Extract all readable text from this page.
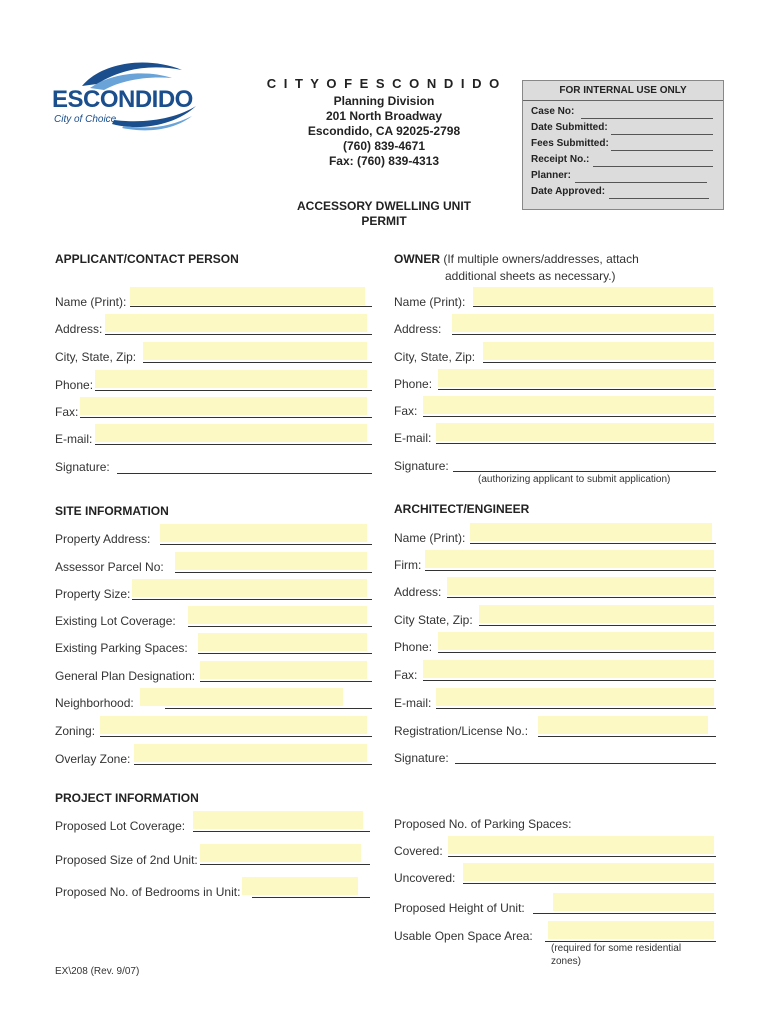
ESCONDIDO
City of Choice
C I T Y O F E S C O N D I D O
Planning Division
201 North Broadway
Escondido, CA 92025-2798
(760) 839-4671
Fax: (760) 839-4313
ACCESSORY DWELLING UNIT
PERMIT
FOR INTERNAL USE ONLY
Case No:
Date Submitted:
Fees Submitted:
Receipt No.:
Planner:
Date Approved:
APPLICANT/CONTACT PERSON
Name (Print):
Address:
City, State, Zip:
Phone:
Fax:
E-mail:
Signature:
OWNER (If multiple owners/addresses, attach
additional sheets as necessary.)
Name (Print):
Address:
City, State, Zip:
Phone:
Fax:
E-mail:
Signature:
(authorizing applicant to submit application)
SITE INFORMATION
Property Address:
Assessor Parcel No:
Property Size:
Existing Lot Coverage:
Existing Parking Spaces:
General Plan Designation:
Neighborhood:
Zoning:
Overlay Zone:
ARCHITECT/ENGINEER
Name (Print):
Firm:
Address:
City State, Zip:
Phone:
Fax:
E-mail:
Registration/License No.:
Signature:
PROJECT INFORMATION
Proposed Lot Coverage:
Proposed Size of 2nd Unit:
Proposed No. of Bedrooms in Unit:
Proposed No. of Parking Spaces:
Covered:
Uncovered:
Proposed Height of Unit:
Usable Open Space Area:
(required for some residential
zones)
EX\208 (Rev. 9/07)
